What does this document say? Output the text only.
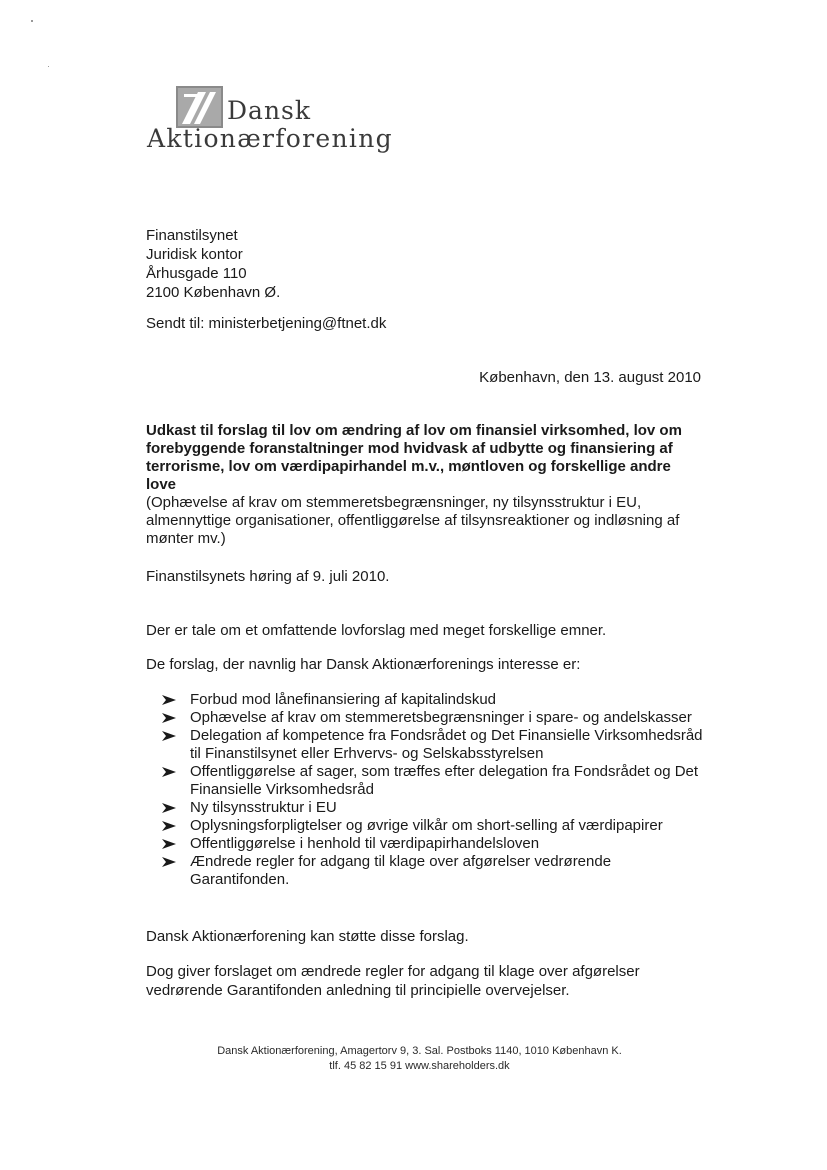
Dansk
Aktionærforening
Finanstilsynet
Juridisk kontor
Århusgade 110
2100 København Ø.
Sendt til: ministerbetjening@ftnet.dk
København, den 13. august 2010
Udkast til forslag til lov om ændring af lov om finansiel virksomhed, lov om forebyggende foranstaltninger mod hvidvask af udbytte og finansiering af terrorisme, lov om værdipapirhandel m.v., møntloven og forskellige andre love
(Ophævelse af krav om stemmeretsbegrænsninger, ny tilsynsstruktur i EU, almennyttige organisationer, offentliggørelse af tilsynsreaktioner og indløsning af mønter mv.)
Finanstilsynets høring af 9. juli 2010.
Der er tale om et omfattende lovforslag med meget forskellige emner.
De forslag, der navnlig har Dansk Aktionærforenings interesse er:
Forbud mod lånefinansiering af kapitalindskud
Ophævelse af krav om stemmeretsbegrænsninger i spare- og andelskasser
Delegation af kompetence fra Fondsrådet og Det Finansielle Virksomhedsråd til Finanstilsynet eller Erhvervs- og Selskabsstyrelsen
Offentliggørelse af sager, som træffes efter delegation fra Fondsrådet og Det Finansielle Virksomhedsråd
Ny tilsynsstruktur i EU
Oplysningsforpligtelser og øvrige vilkår om short-selling af værdipapirer
Offentliggørelse i henhold til værdipapirhandelsloven
Ændrede regler for adgang til klage over afgørelser vedrørende Garantifonden.
Dansk Aktionærforening kan støtte disse forslag.
Dog giver forslaget om ændrede regler for adgang til klage over afgørelser vedrørende Garantifonden anledning til principielle overvejelser.
Dansk Aktionærforening, Amagertorv 9, 3. Sal. Postboks 1140, 1010 København K.
tlf. 45 82 15 91 www.shareholders.dk
